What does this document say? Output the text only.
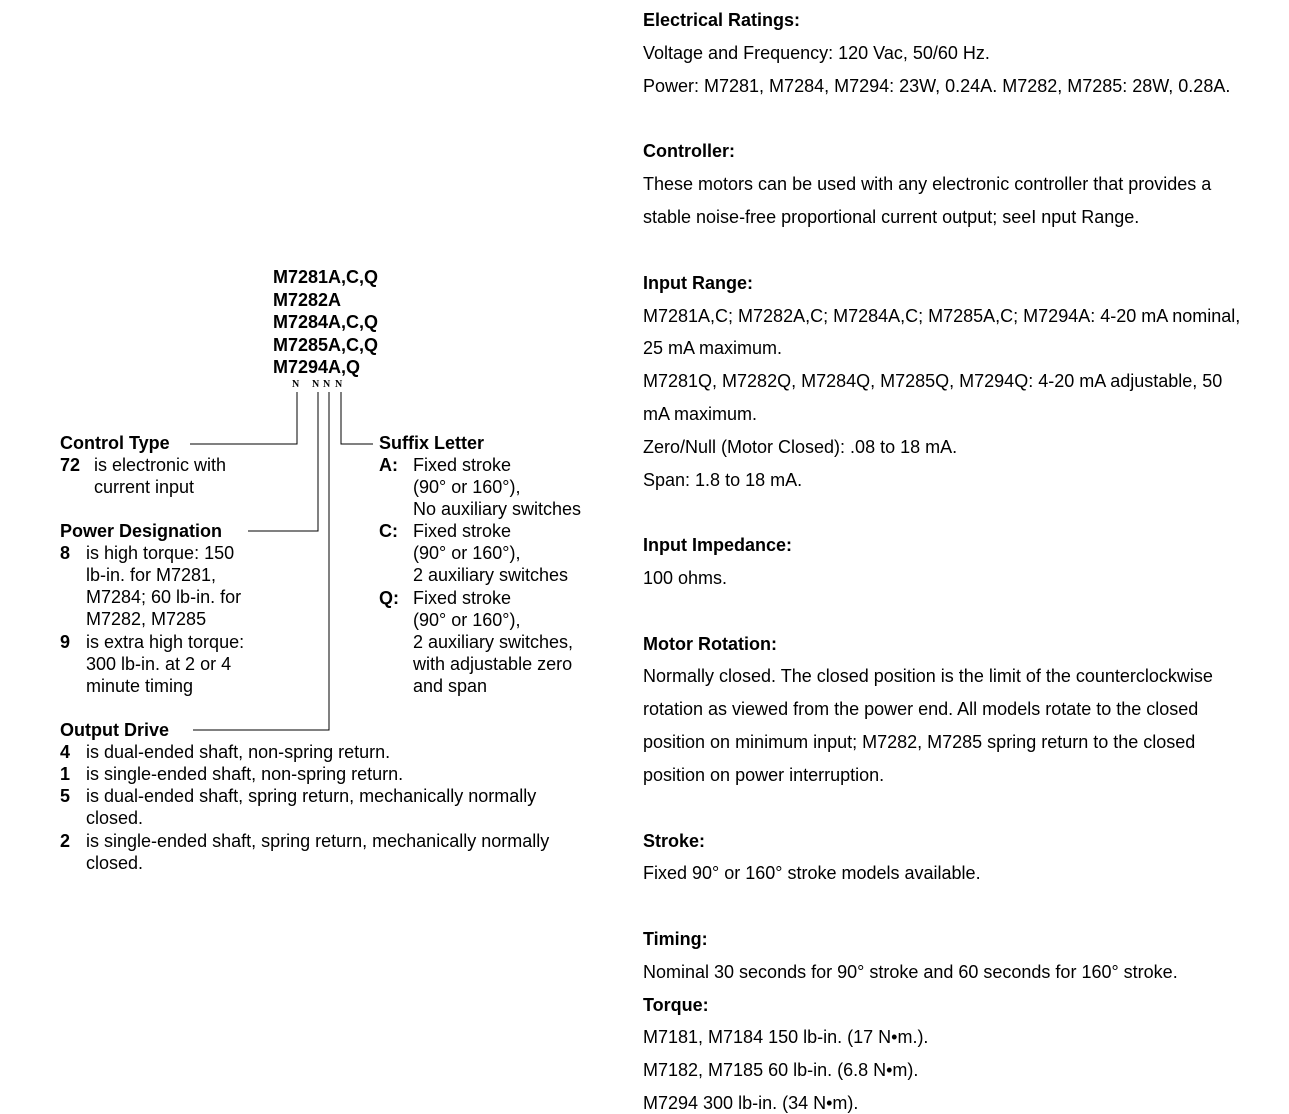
M7281A,C,Q
M7282A
M7284A,C,Q
M7285A,C,Q
M7294A,Q
N N N N
Control Type
72 is electronic with
current input
Power Designation
8 is high torque: 150
lb-in. for M7281,
M7284; 60 lb-in. for
M7282, M7285
9 is extra high torque:
300 lb-in. at 2 or 4
minute timing
Output Drive
4 is dual-ended shaft, non-spring return.
1 is single-ended shaft, non-spring return.
5 is dual-ended shaft, spring return, mechanically normally
closed.
2 is single-ended shaft, spring return, mechanically normally
closed.
Suffix Letter
A: Fixed stroke
(90° or 160°),
No auxiliary switches
C: Fixed stroke
(90° or 160°),
2 auxiliary switches
Q: Fixed stroke
(90° or 160°),
2 auxiliary switches,
with adjustable zero
and span
Electrical Ratings:
Voltage and Frequency: 120 Vac, 50/60 Hz.
Power: M7281, M7284, M7294: 23W, 0.24A. M7282, M7285: 28W, 0.28A.
Controller:
These motors can be used with any electronic controller that provides a
stable noise-free proportional current output; seeI nput Range.
Input Range:
M7281A,C; M7282A,C; M7284A,C; M7285A,C; M7294A: 4-20 mA nominal,
25 mA maximum.
M7281Q, M7282Q, M7284Q, M7285Q, M7294Q: 4-20 mA adjustable, 50
mA maximum.
Zero/Null (Motor Closed): .08 to 18 mA.
Span: 1.8 to 18 mA.
Input Impedance:
100 ohms.
Motor Rotation:
Normally closed. The closed position is the limit of the counterclockwise
rotation as viewed from the power end. All models rotate to the closed
position on minimum input; M7282, M7285 spring return to the closed
position on power interruption.
Stroke:
Fixed 90° or 160° stroke models available.
Timing:
Nominal 30 seconds for 90° stroke and 60 seconds for 160° stroke.
Torque:
M7181, M7184 150 lb-in. (17 N•m.).
M7182, M7185 60 lb-in. (6.8 N•m).
M7294 300 lb-in. (34 N•m).
